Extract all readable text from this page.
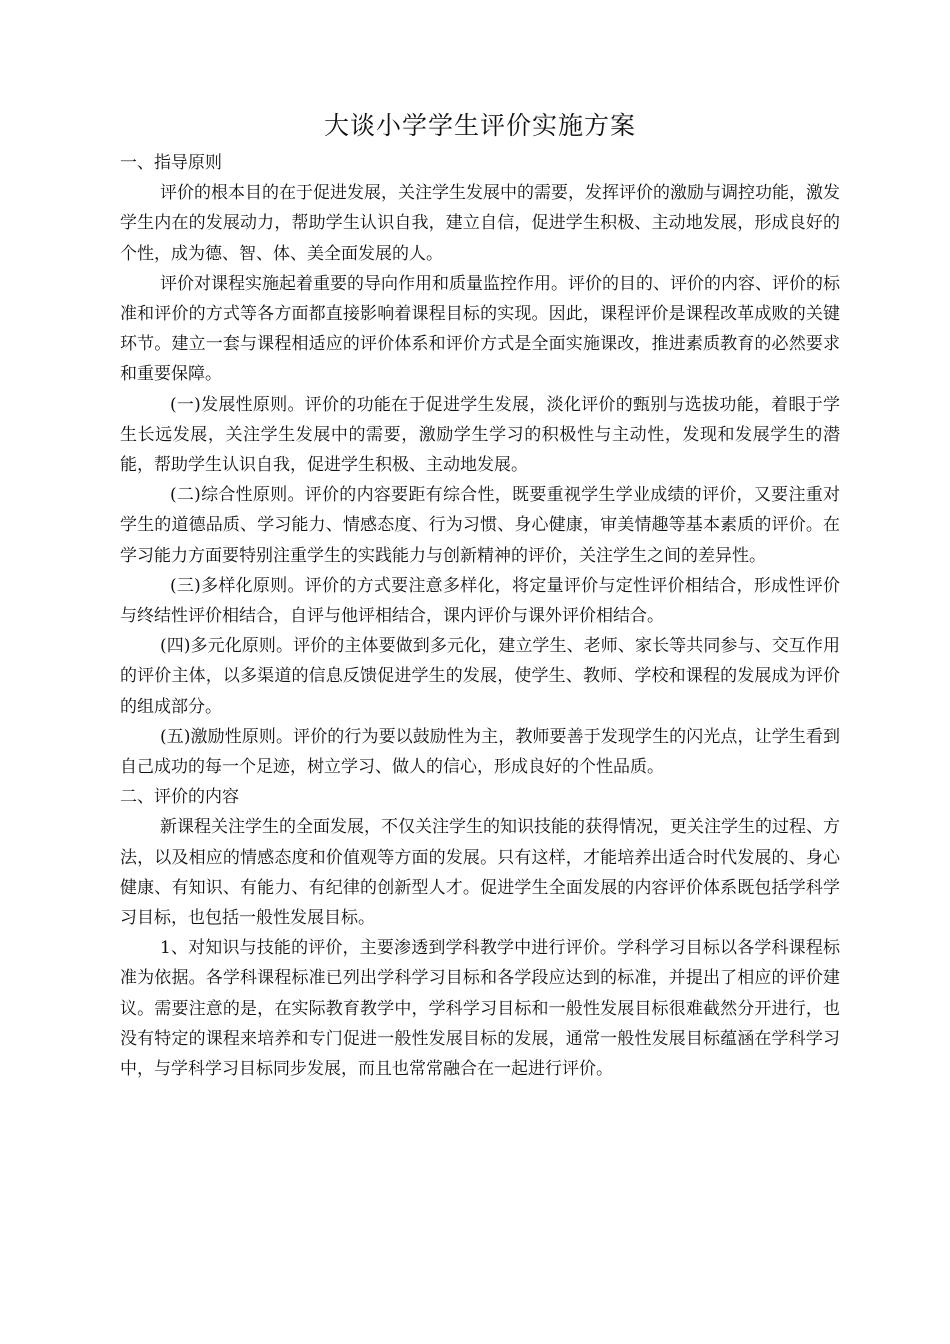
大谈小学学生评价实施方案

一、指导原则

评价的根本目的在于促进发展，关注学生发展中的需要，发挥评价的激励与调控功能，激发学生内在的发展动力，帮助学生认识自我，建立自信，促进学生积极、主动地发展，形成良好的个性，成为德、智、体、美全面发展的人。

评价对课程实施起着重要的导向作用和质量监控作用。评价的目的、评价的内容、评价的标准和评价的方式等各方面都直接影响着课程目标的实现。因此，课程评价是课程改革成败的关键环节。建立一套与课程相适应的评价体系和评价方式是全面实施课改，推进素质教育的必然要求和重要保障。

(一)发展性原则。评价的功能在于促进学生发展，淡化评价的甄别与选拔功能，着眼于学生长远发展，关注学生发展中的需要，激励学生学习的积极性与主动性，发现和发展学生的潜能，帮助学生认识自我，促进学生积极、主动地发展。

(二)综合性原则。评价的内容要距有综合性，既要重视学生学业成绩的评价，又要注重对学生的道德品质、学习能力、情感态度、行为习惯、身心健康，审美情趣等基本素质的评价。在学习能力方面要特别注重学生的实践能力与创新精神的评价，关注学生之间的差异性。

(三)多样化原则。评价的方式要注意多样化，将定量评价与定性评价相结合，形成性评价与终结性评价相结合，自评与他评相结合，课内评价与课外评价相结合。

(四)多元化原则。评价的主体要做到多元化，建立学生、老师、家长等共同参与、交互作用的评价主体，以多渠道的信息反馈促进学生的发展，使学生、教师、学校和课程的发展成为评价的组成部分。

(五)激励性原则。评价的行为要以鼓励性为主，教师要善于发现学生的闪光点，让学生看到自己成功的每一个足迹，树立学习、做人的信心，形成良好的个性品质。

二、评价的内容

新课程关注学生的全面发展，不仅关注学生的知识技能的获得情况，更关注学生的过程、方法，以及相应的情感态度和价值观等方面的发展。只有这样，才能培养出适合时代发展的、身心健康、有知识、有能力、有纪律的创新型人才。促进学生全面发展的内容评价体系既包括学科学习目标，也包括一般性发展目标。

1、对知识与技能的评价，主要渗透到学科教学中进行评价。学科学习目标以各学科课程标准为依据。各学科课程标准已列出学科学习目标和各学段应达到的标准，并提出了相应的评价建议。需要注意的是，在实际教育教学中，学科学习目标和一般性发展目标很难截然分开进行，也没有特定的课程来培养和专门促进一般性发展目标的发展，通常一般性发展目标蕴涵在学科学习中，与学科学习目标同步发展，而且也常常融合在一起进行评价。
